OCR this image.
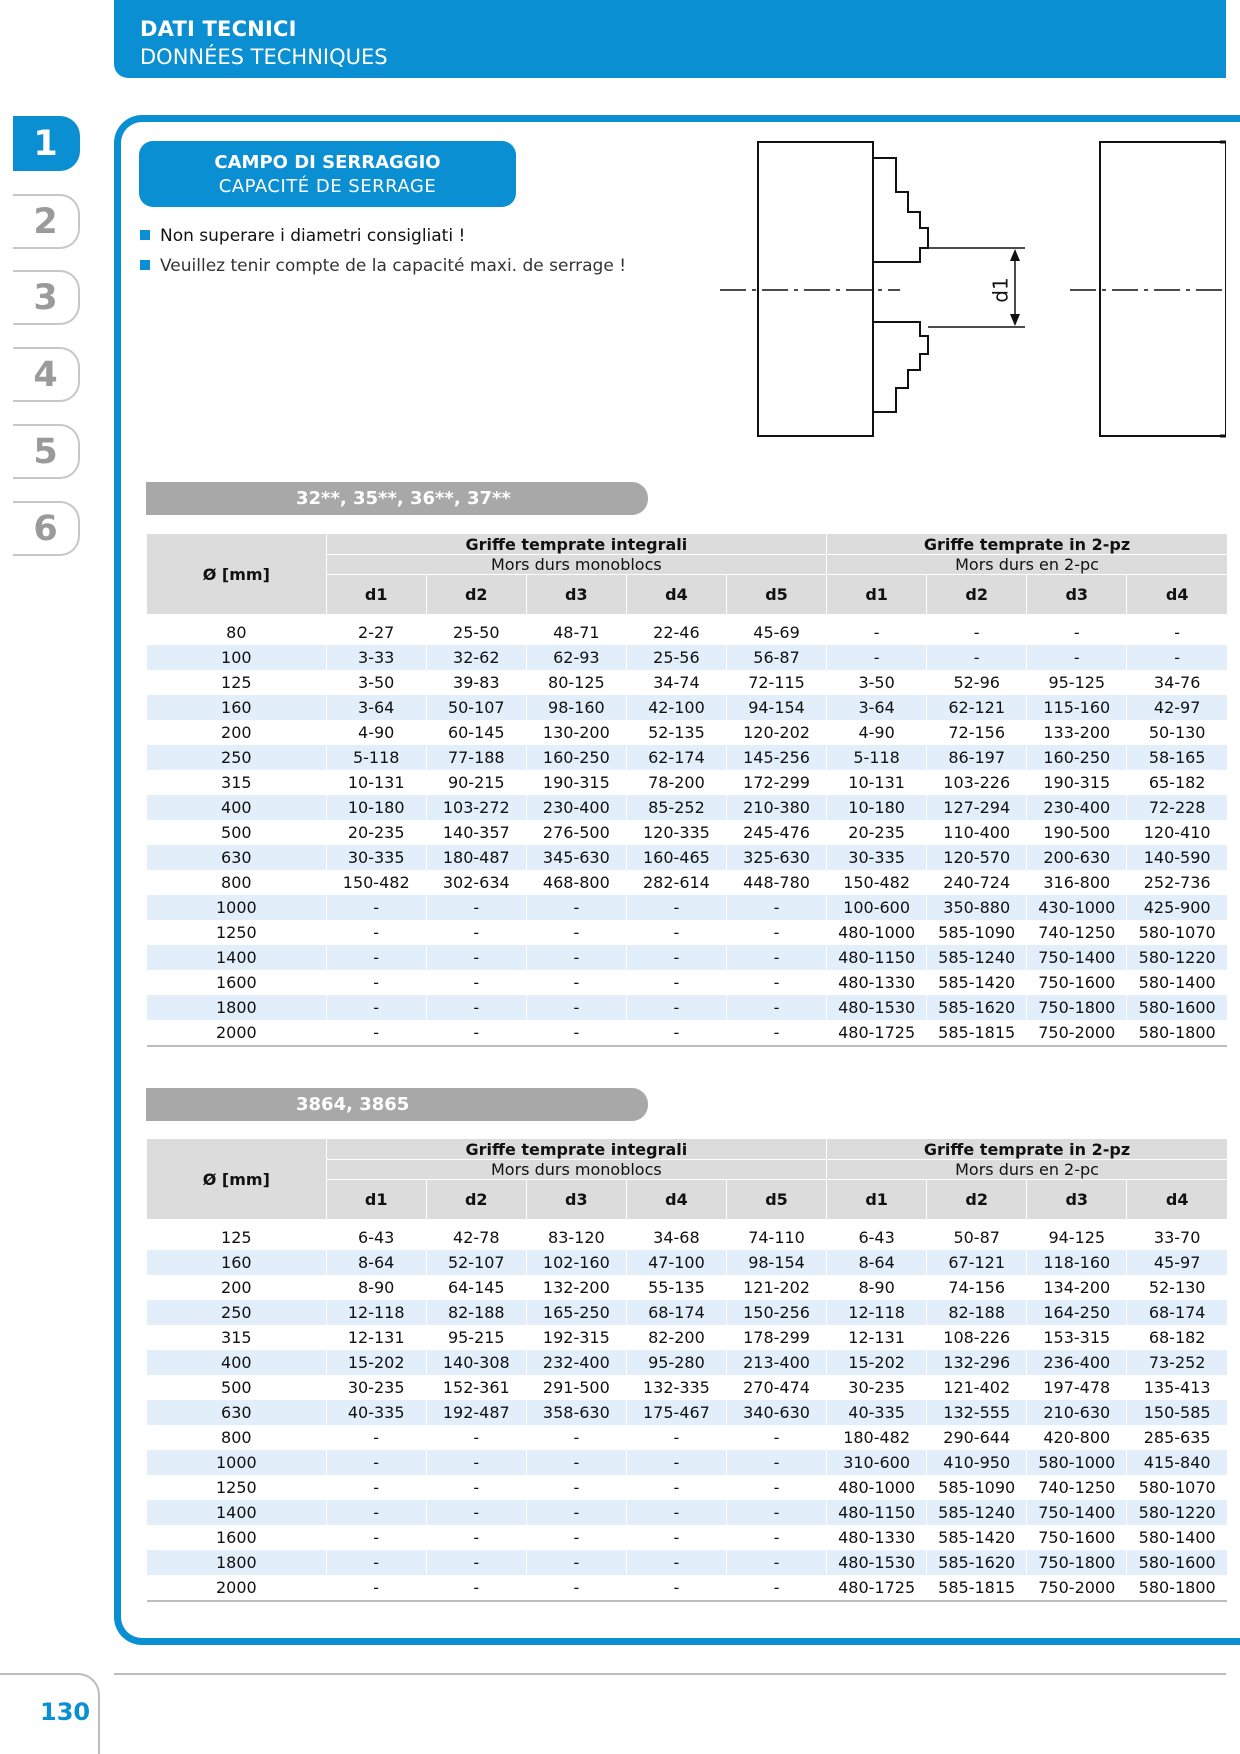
DATI TECNICI
DONNÉES TECHNIQUES
1
2
3
4
5
6
CAMPO DI SERRAGGIO
CAPACITÉ DE SERRAGE
Non superare i diametri consigliati !
Veuillez tenir compte de la capacité maxi. de serrage !
d1
32**, 35**, 36**, 37**
Ø [mm]	Griffe temprate integrali					Griffe temprate in 2-pz			
	Mors durs monoblocs					Mors durs en 2-pc			
	d1	d2	d3	d4	d5	d1	d2	d3	d4
80	2-27	25-50	48-71	22-46	45-69	-	-	-	-
100	3-33	32-62	62-93	25-56	56-87	-	-	-	-
125	3-50	39-83	80-125	34-74	72-115	3-50	52-96	95-125	34-76
160	3-64	50-107	98-160	42-100	94-154	3-64	62-121	115-160	42-97
200	4-90	60-145	130-200	52-135	120-202	4-90	72-156	133-200	50-130
250	5-118	77-188	160-250	62-174	145-256	5-118	86-197	160-250	58-165
315	10-131	90-215	190-315	78-200	172-299	10-131	103-226	190-315	65-182
400	10-180	103-272	230-400	85-252	210-380	10-180	127-294	230-400	72-228
500	20-235	140-357	276-500	120-335	245-476	20-235	110-400	190-500	120-410
630	30-335	180-487	345-630	160-465	325-630	30-335	120-570	200-630	140-590
800	150-482	302-634	468-800	282-614	448-780	150-482	240-724	316-800	252-736
1000	-	-	-	-	-	100-600	350-880	430-1000	425-900
1250	-	-	-	-	-	480-1000	585-1090	740-1250	580-1070
1400	-	-	-	-	-	480-1150	585-1240	750-1400	580-1220
1600	-	-	-	-	-	480-1330	585-1420	750-1600	580-1400
1800	-	-	-	-	-	480-1530	585-1620	750-1800	580-1600
2000	-	-	-	-	-	480-1725	585-1815	750-2000	580-1800
3864, 3865
Ø [mm]	Griffe temprate integrali					Griffe temprate in 2-pz			
	Mors durs monoblocs					Mors durs en 2-pc			
	d1	d2	d3	d4	d5	d1	d2	d3	d4
125	6-43	42-78	83-120	34-68	74-110	6-43	50-87	94-125	33-70
160	8-64	52-107	102-160	47-100	98-154	8-64	67-121	118-160	45-97
200	8-90	64-145	132-200	55-135	121-202	8-90	74-156	134-200	52-130
250	12-118	82-188	165-250	68-174	150-256	12-118	82-188	164-250	68-174
315	12-131	95-215	192-315	82-200	178-299	12-131	108-226	153-315	68-182
400	15-202	140-308	232-400	95-280	213-400	15-202	132-296	236-400	73-252
500	30-235	152-361	291-500	132-335	270-474	30-235	121-402	197-478	135-413
630	40-335	192-487	358-630	175-467	340-630	40-335	132-555	210-630	150-585
800	-	-	-	-	-	180-482	290-644	420-800	285-635
1000	-	-	-	-	-	310-600	410-950	580-1000	415-840
1250	-	-	-	-	-	480-1000	585-1090	740-1250	580-1070
1400	-	-	-	-	-	480-1150	585-1240	750-1400	580-1220
1600	-	-	-	-	-	480-1330	585-1420	750-1600	580-1400
1800	-	-	-	-	-	480-1530	585-1620	750-1800	580-1600
2000	-	-	-	-	-	480-1725	585-1815	750-2000	580-1800
130
